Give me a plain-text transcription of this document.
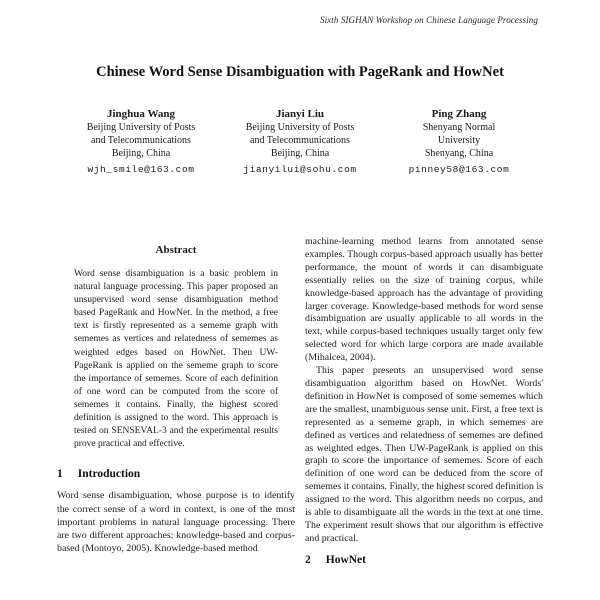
Sixth SIGHAN Workshop on Chinese Language Processing
Chinese Word Sense Disambiguation with PageRank and HowNet
Jinghua Wang
Beijing University of Posts
and Telecommunications
Beijing, China
wjh_smile@163.com
Jianyi Liu
Beijing University of Posts
and Telecommunications
Beijing, China
jianyilui@sohu.com
Ping Zhang
Shenyang Normal
University
Shenyang, China
pinney58@163.com
Abstract

Word sense disambiguation is a basic problem in natural language processing. This paper proposed an unsupervised word sense disambiguation method based PageRank and HowNet. In the method, a free text is firstly represented as a sememe graph with sememes as vertices and relatedness of sememes as weighted edges based on HowNet. Then UW-PageRank is applied on the sememe graph to score the importance of sememes. Score of each definition of one word can be computed from the score of sememes it contains. Finally, the highest scored definition is assigned to the word. This approach is tested on SENSEVAL-3 and the experimental results prove practical and effective.

1 Introduction

Word sense disambiguation, whose purpose is to identify the correct sense of a word in context, is one of the most important problems in natural language processing. There are two different approaches: knowledge-based and corpus-based (Montoyo, 2005). Knowledge-based method

machine-learning method learns from annotated sense examples. Though corpus-based approach usually has better performance, the mount of words it can disambiguate essentially relies on the size of training corpus, while knowledge-based approach has the advantage of providing larger coverage. Knowledge-based methods for word sense disambiguation are usually applicable to all words in the text, while corpus-based techniques usually target only few selected word for which large corpora are made available (Mihalcea, 2004).

This paper presents an unsupervised word sense disambiguation algorithm based on HowNet. Words' definition in HowNet is composed of some sememes which are the smallest, unambiguous sense unit. First, a free text is represented as a sememe graph, in which sememes are defined as vertices and relatedness of sememes are defined as weighted edges. Then UW-PageRank is applied on this graph to score the importance of sememes. Score of each definition of one word can be deduced from the score of sememes it contains. Finally, the highest scored definition is assigned to the word. This algorithm needs no corpus, and is able to disambiguate all the words in the text at one time. The experiment result shows that our algorithm is effective and practical.

2 HowNet
